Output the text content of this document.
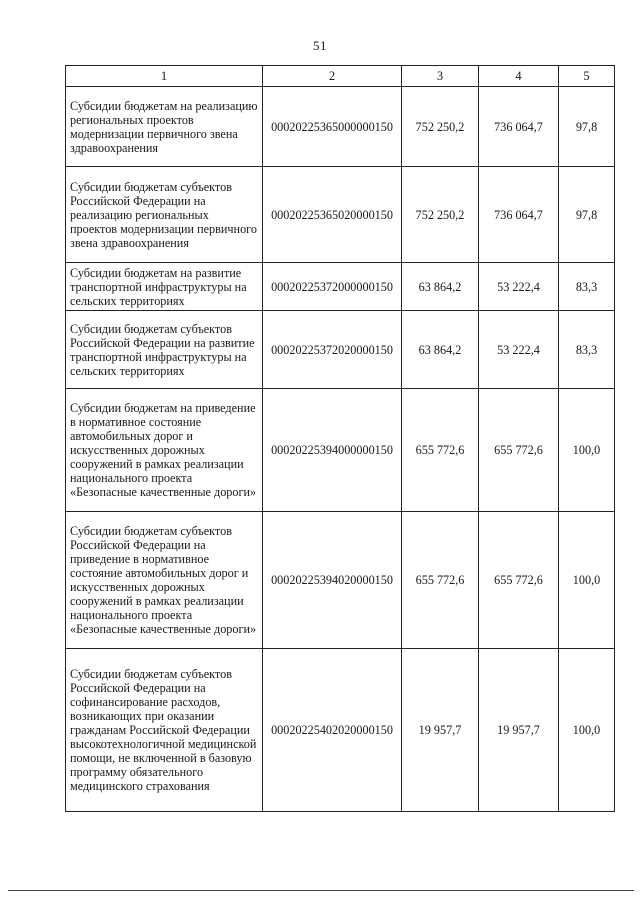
51
1	2	3	4	5
Субсидии бюджетам на реализацию региональных проектов модернизации первичного звена здравоохранения	00020225365000000150	752 250,2	736 064,7	97,8
Субсидии бюджетам субъектов Российской Федерации на реализацию региональных проектов модернизации первичного звена здравоохранения	00020225365020000150	752 250,2	736 064,7	97,8
Субсидии бюджетам на развитие транспортной инфраструктуры на сельских территориях	00020225372000000150	63 864,2	53 222,4	83,3
Субсидии бюджетам субъектов Российской Федерации на развитие транспортной инфраструктуры на сельских территориях	00020225372020000150	63 864,2	53 222,4	83,3
Субсидии бюджетам на приведение в нормативное состояние автомобильных дорог и искусственных дорожных сооружений в рамках реализации национального проекта «Безопасные качественные дороги»	00020225394000000150	655 772,6	655 772,6	100,0
Субсидии бюджетам субъектов Российской Федерации на приведение в нормативное состояние автомобильных дорог и искусственных дорожных сооружений в рамках реализации национального проекта «Безопасные качественные дороги»	00020225394020000150	655 772,6	655 772,6	100,0
Субсидии бюджетам субъектов Российской Федерации на софинансирование расходов, возникающих при оказании гражданам Российской Федерации высокотехнологичной медицинской помощи, не включенной в базовую программу обязательного медицинского страхования	00020225402020000150	19 957,7	19 957,7	100,0
